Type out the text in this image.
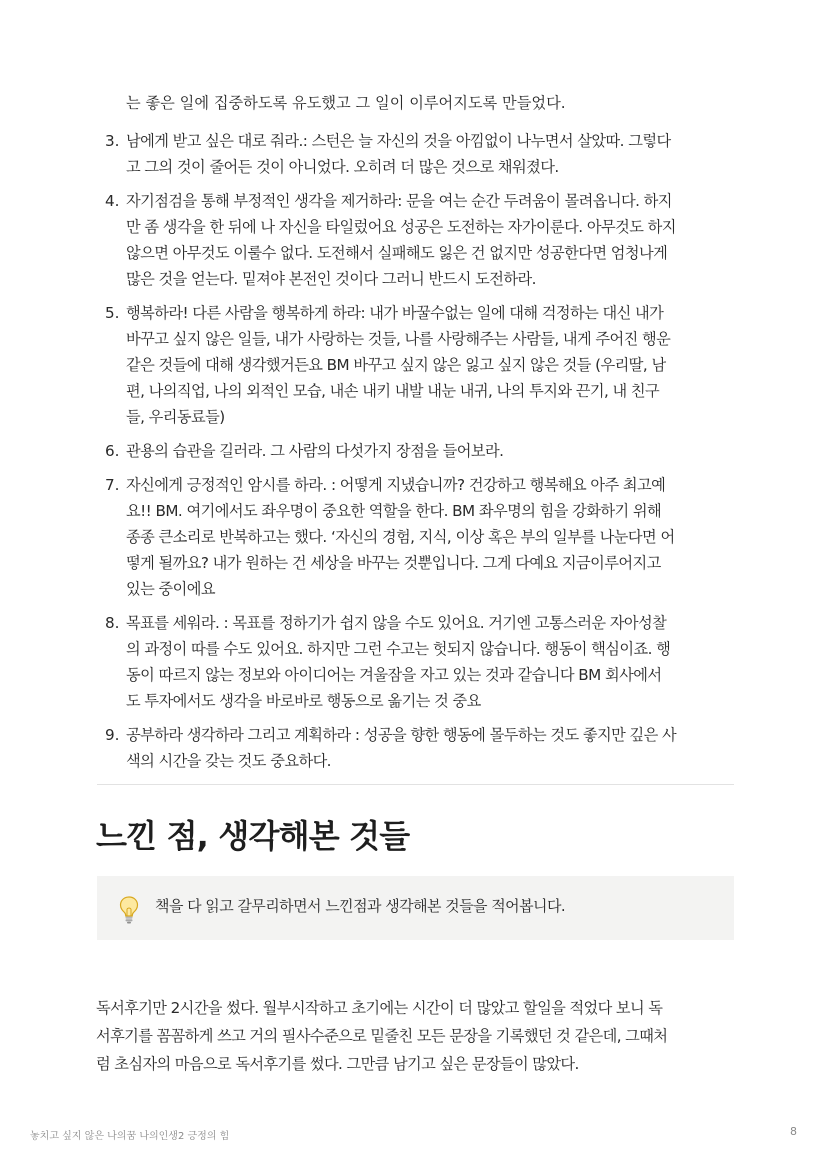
는 좋은 일에 집중하도록 유도했고 그 일이 이루어지도록 만들었다.

3. 남에게 받고 싶은 대로 줘라.: 스턴은 늘 자신의 것을 아낌없이 나누면서 살았따. 그렇다
고 그의 것이 줄어든 것이 아니었다. 오히려 더 많은 것으로 채워졌다.
4. 자기점검을 통해 부정적인 생각을 제거하라: 문을 여는 순간 두려움이 몰려옵니다. 하지
만 좀 생각을 한 뒤에 나 자신을 타일렀어요 성공은 도전하는 자가이룬다. 아무것도 하지
않으면 아무것도 이룰수 없다. 도전해서 실패해도 잃은 건 없지만 성공한다면 엄청나게
많은 것을 얻는다. 밑져야 본전인 것이다 그러니 반드시 도전하라.
5. 행복하라! 다른 사람을 행복하게 하라: 내가 바꿀수없는 일에 대해 걱정하는 대신 내가
바꾸고 싶지 않은 일들, 내가 사랑하는 것들, 나를 사랑해주는 사람들, 내게 주어진 행운
같은 것들에 대해 생각했거든요 BM 바꾸고 싶지 않은 잃고 싶지 않은 것들 (우리딸, 남
편, 나의직업, 나의 외적인 모습, 내손 내키 내발 내눈 내귀, 나의 투지와 끈기, 내 친구
들, 우리동료들)
6. 관용의 습관을 길러라. 그 사람의 다섯가지 장점을 들어보라.
7. 자신에게 긍정적인 암시를 하라. : 어떻게 지냈습니까? 건강하고 행복해요 아주 최고예
요!! BM. 여기에서도 좌우명이 중요한 역할을 한다. BM 좌우명의 힘을 강화하기 위해
종종 큰소리로 반복하고는 했다. ‘자신의 경험, 지식, 이상 혹은 부의 일부를 나눈다면 어
떻게 될까요? 내가 원하는 건 세상을 바꾸는 것뿐입니다. 그게 다예요 지금이루어지고
있는 중이에요
8. 목표를 세워라. : 목표를 정하기가 쉽지 않을 수도 있어요. 거기엔 고통스러운 자아성찰
의 과정이 따를 수도 있어요. 하지만 그런 수고는 헛되지 않습니다. 행동이 핵심이죠. 행
동이 따르지 않는 정보와 아이디어는 겨울잠을 자고 있는 것과 같습니다 BM 회사에서
도 투자에서도 생각을 바로바로 행동으로 옮기는 것 중요
9. 공부하라 생각하라 그리고 계획하라 : 성공을 향한 행동에 몰두하는 것도 좋지만 깊은 사
색의 시간을 갖는 것도 중요하다.
느낀 점, 생각해본 것들
책을 다 읽고 갈무리하면서 느낀점과 생각해본 것들을 적어봅니다.
독서후기만 2시간을 썼다. 월부시작하고 초기에는 시간이 더 많았고 할일을 적었다 보니 독
서후기를 꼼꼼하게 쓰고 거의 필사수준으로 밑줄친 모든 문장을 기록했던 것 같은데, 그때처
럼 초심자의 마음으로 독서후기를 썼다. 그만큼 남기고 싶은 문장들이 많았다.
놓치고 싶지 않은 나의꿈 나의인생2 긍정의 힘	8
